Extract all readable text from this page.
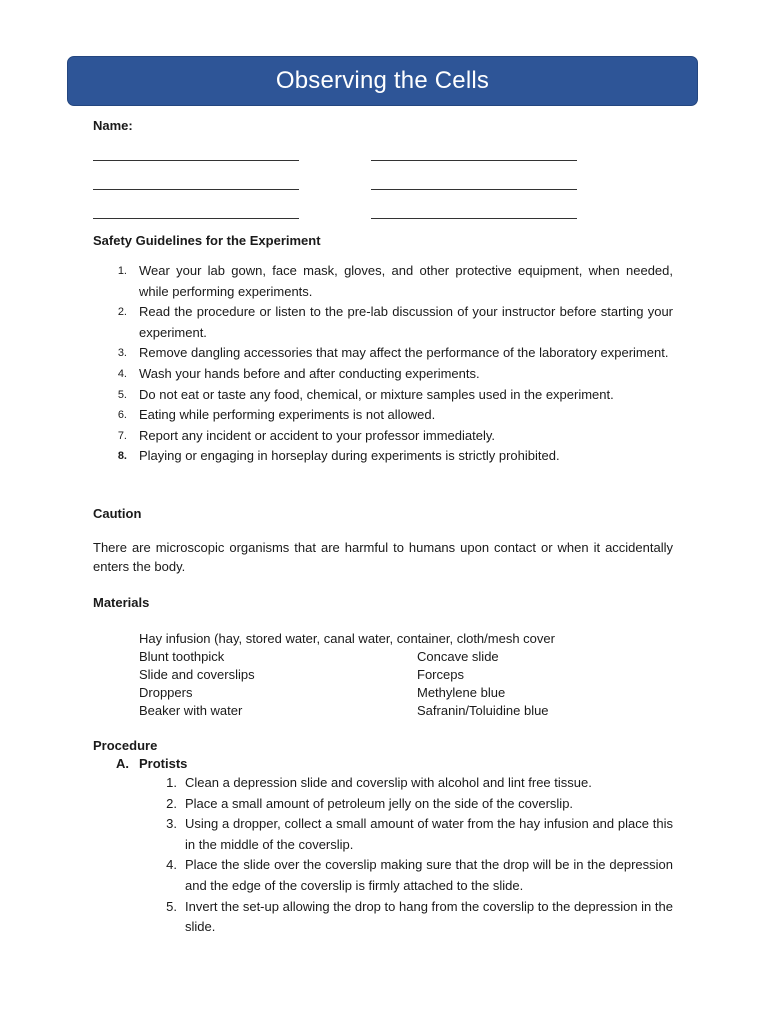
Observing the Cells
Name:
Safety Guidelines for the Experiment
1. Wear your lab gown, face mask, gloves, and other protective equipment, when needed, while performing experiments.
2. Read the procedure or listen to the pre-lab discussion of your instructor before starting your experiment.
3. Remove dangling accessories that may affect the performance of the laboratory experiment.
4. Wash your hands before and after conducting experiments.
5. Do not eat or taste any food, chemical, or mixture samples used in the experiment.
6. Eating while performing experiments is not allowed.
7. Report any incident or accident to your professor immediately.
8. Playing or engaging in horseplay during experiments is strictly prohibited.
Caution
There are microscopic organisms that are harmful to humans upon contact or when it accidentally enters the body.
Materials
Hay infusion (hay, stored water, canal water, container, cloth/mesh cover
Blunt toothpick	Concave slide
Slide and coverslips	Forceps
Droppers	Methylene blue
Beaker with water	Safranin/Toluidine blue
Procedure
A. Protists
1. Clean a depression slide and coverslip with alcohol and lint free tissue.
2. Place a small amount of petroleum jelly on the side of the coverslip.
3. Using a dropper, collect a small amount of water from the hay infusion and place this in the middle of the coverslip.
4. Place the slide over the coverslip making sure that the drop will be in the depression and the edge of the coverslip is firmly attached to the slide.
5. Invert the set-up allowing the drop to hang from the coverslip to the depression in the slide.
